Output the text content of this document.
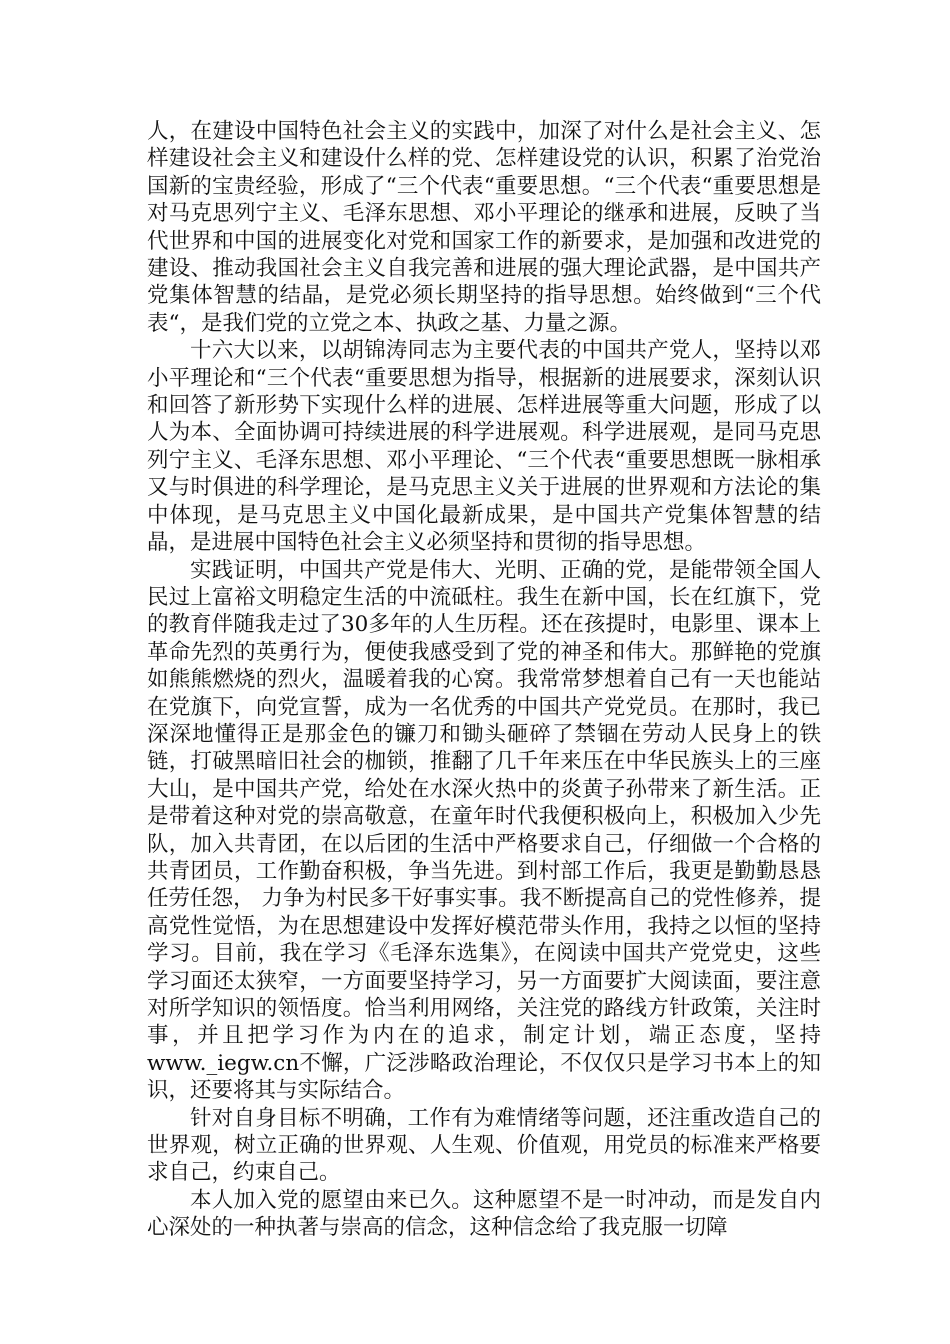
人，在建设中国特色社会主义的实践中，加深了对什么是社会主义、怎样建设社会主义和建设什么样的党、怎样建设党的认识，积累了治党治国新的宝贵经验，形成了“三个代表“重要思想。“三个代表“重要思想是对马克思列宁主义、毛泽东思想、邓小平理论的继承和进展，反映了当代世界和中国的进展变化对党和国家工作的新要求，是加强和改进党的建设、推动我国社会主义自我完善和进展的强大理论武器，是中国共产党集体智慧的结晶，是党必须长期坚持的指导思想。始终做到“三个代表“，是我们党的立党之本、执政之基、力量之源。

十六大以来，以胡锦涛同志为主要代表的中国共产党人，坚持以邓小平理论和“三个代表“重要思想为指导，根据新的进展要求，深刻认识和回答了新形势下实现什么样的进展、怎样进展等重大问题，形成了以人为本、全面协调可持续进展的科学进展观。科学进展观，是同马克思列宁主义、毛泽东思想、邓小平理论、“三个代表“重要思想既一脉相承又与时俱进的科学理论，是马克思主义关于进展的世界观和方法论的集中体现，是马克思主义中国化最新成果，是中国共产党集体智慧的结晶，是进展中国特色社会主义必须坚持和贯彻的指导思想。

实践证明，中国共产党是伟大、光明、正确的党，是能带领全国人民过上富裕文明稳定生活的中流砥柱。我生在新中国，长在红旗下，党的教育伴随我走过了30多年的人生历程。还在孩提时，电影里、课本上革命先烈的英勇行为，便使我感受到了党的神圣和伟大。那鲜艳的党旗如熊熊燃烧的烈火，温暖着我的心窝。我常常梦想着自己有一天也能站在党旗下，向党宣誓，成为一名优秀的中国共产党党员。在那时，我已深深地懂得正是那金色的镰刀和锄头砸碎了禁锢在劳动人民身上的铁链，打破黑暗旧社会的枷锁，推翻了几千年来压在中华民族头上的三座大山，是中国共产党，给处在水深火热中的炎黄子孙带来了新生活。正是带着这种对党的崇高敬意，在童年时代我便积极向上，积极加入少先队，加入共青团，在以后团的生活中严格要求自己，仔细做一个合格的共青团员，工作勤奋积极，争当先进。到村部工作后，我更是勤勤恳恳任劳任怨， 力争为村民多干好事实事。我不断提高自己的党性修养，提高党性觉悟，为在思想建设中发挥好模范带头作用，我持之以恒的坚持学习。目前，我在学习《毛泽东选集》，在阅读中国共产党党史，这些学习面还太狭窄，一方面要坚持学习，另一方面要扩大阅读面，要注意对所学知识的领悟度。恰当利用网络，关注党的路线方针政策，关注时事，并且把学习作为内在的追求，制定计划，端正态度，坚持www._iegw.cn不懈，广泛涉略政治理论，不仅仅只是学习书本上的知识，还要将其与实际结合。

针对自身目标不明确，工作有为难情绪等问题，还注重改造自己的世界观，树立正确的世界观、人生观、价值观，用党员的标准来严格要求自己，约束自己。

本人加入党的愿望由来已久。这种愿望不是一时冲动，而是发自内心深处的一种执著与崇高的信念，这种信念给了我克服一切障
